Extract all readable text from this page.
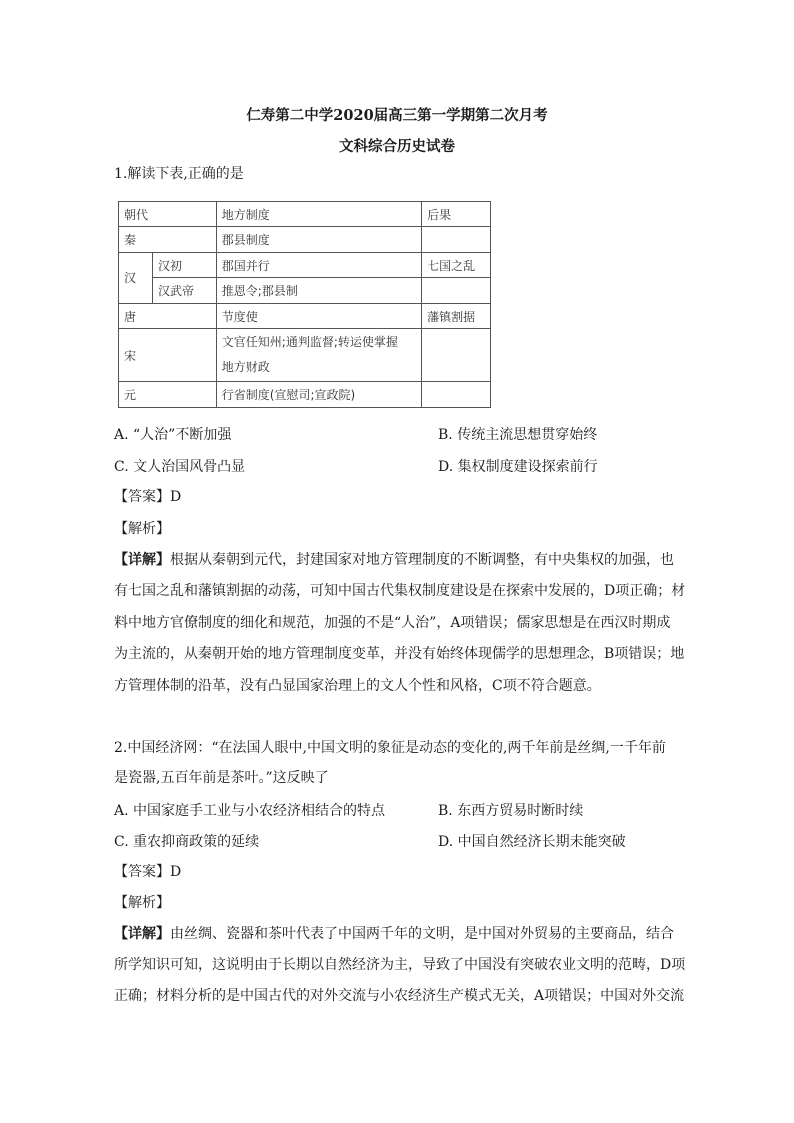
仁寿第二中学2020届高三第一学期第二次月考
文科综合历史试卷
1.解读下表,正确的是
朝代		地方制度	后果
秦		郡县制度	
汉	汉初	郡国并行	七国之乱
	汉武帝	推恩令;郡县制	
唐		节度使	藩镇割据
宋		文官任知州;通判监督;转运使掌握
地方财政	

元		行省制度(宣慰司;宣政院)	
A. “人治”不断加强	B. 传统主流思想贯穿始终
C. 文人治国风骨凸显	D. 集权制度建设探索前行
【答案】D
【解析】
【详解】根据从秦朝到元代，封建国家对地方管理制度的不断调整，有中央集权的加强，也
有七国之乱和藩镇割据的动荡，可知中国古代集权制度建设是在探索中发展的，D项正确；材
料中地方官僚制度的细化和规范，加强的不是“人治”，A项错误；儒家思想是在西汉时期成
为主流的，从秦朝开始的地方管理制度变革，并没有始终体现儒学的思想理念，B项错误；地
方管理体制的沿革，没有凸显国家治理上的文人个性和风格，C项不符合题意。
2.中国经济网：“在法国人眼中,中国文明的象征是动态的变化的,两千年前是丝绸,一千年前
是瓷器,五百年前是茶叶。”这反映了
A. 中国家庭手工业与小农经济相结合的特点	B. 东西方贸易时断时续
C. 重农抑商政策的延续	D. 中国自然经济长期未能突破
【答案】D
【解析】
【详解】由丝绸、瓷器和茶叶代表了中国两千年的文明，是中国对外贸易的主要商品，结合
所学知识可知，这说明由于长期以自然经济为主，导致了中国没有突破农业文明的范畴，D项
正确；材料分析的是中国古代的对外交流与小农经济生产模式无关，A项错误；中国对外交流
